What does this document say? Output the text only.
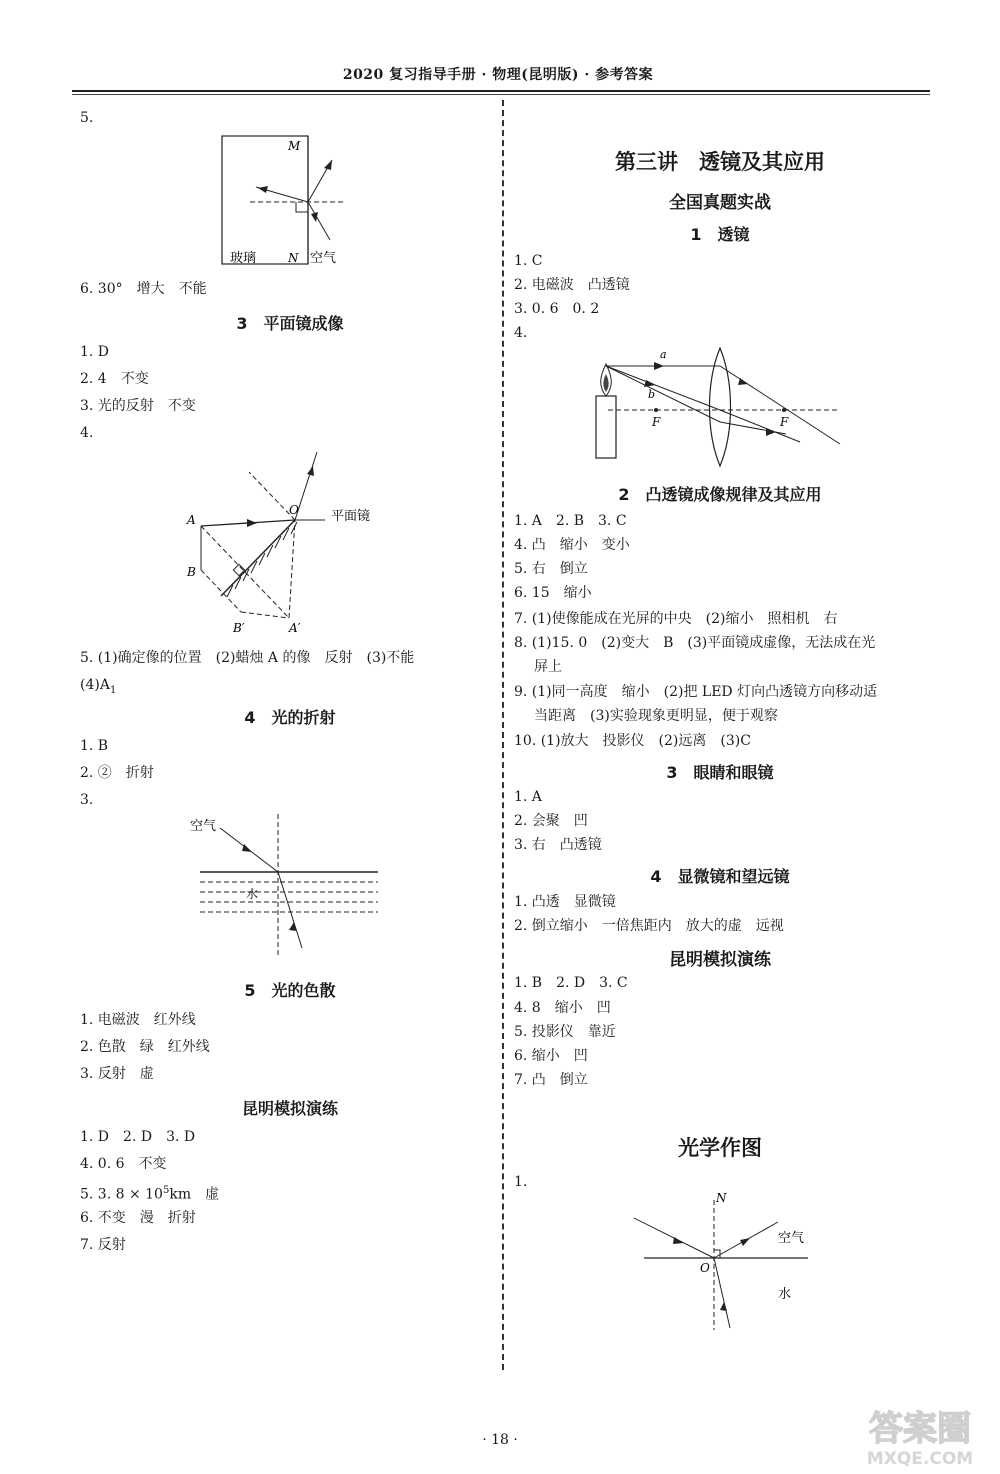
2020 复习指导手册 · 物理(昆明版) · 参考答案
5.
M
N
玻璃	空气
6. 30°　增大　不能
3　平面镜成像
1. D
2. 4　不变
3. 光的反射　不变
4.
A
B
B′	A′
O 平面镜
5. (1)确定像的位置　(2)蜡烛 A 的像　反射　(3)不能
$(4)A_1$
4　光的折射
1. B
2. ②　折射
3.
空气
水
5　光的色散
1. 电磁波　红外线
2. 色散　绿　红外线
3. 反射　虚
昆明模拟演练
1. D　2. D　3. D
4. 0. 6　不变
5. 3. $8 \times 10^5km$　虚
6. 不变　漫　折射
7. 反射
第三讲　透镜及其应用
全国真题实战
1　透镜
1. C
2. 电磁波　凸透镜
3. 0. 6　0. 2
4.
a
b
F	F
2　凸透镜成像规律及其应用
1. A　2. B　3. C
4. 凸　缩小　变小
5. 右　倒立
6. 15　缩小
7. (1)使像能成在光屏的中央　(2)缩小　照相机　右
8. (1)15. 0　(2)变大　B　(3)平面镜成虚像，无法成在光
屏上
9. (1)同一高度　缩小　(2)把 LED 灯向凸透镜方向移动适
当距离　(3)实验现象更明显，便于观察
10. (1)放大　投影仪　(2)远离　(3)C
3　眼睛和眼镜
1. A
2. 会聚　凹
3. 右　凸透镜
4　显微镜和望远镜
1. 凸透　显微镜
2. 倒立缩小　一倍焦距内　放大的虚　远视
昆明模拟演练
1. B　2. D　3. C
4. 8　缩小　凹
5. 投影仪　靠近
6. 缩小　凹
7. 凸　倒立
光学作图
1.
N
O
空气
水
· 18 ·	答案圈
MXQE.COM
